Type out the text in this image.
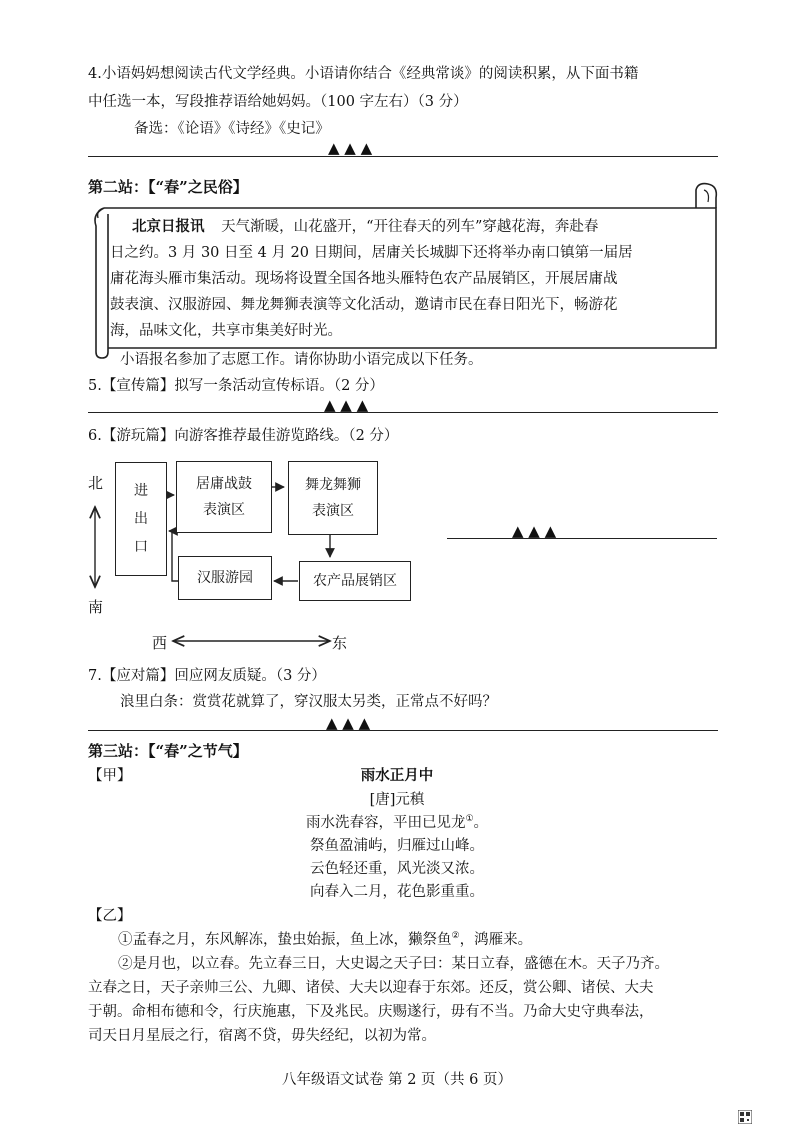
4.小语妈妈想阅读古代文学经典。小语请你结合《经典常谈》的阅读积累，从下面书籍
中任选一本，写段推荐语给她妈妈。（100 字左右）（3 分）
备选：《论语》《诗经》《史记》
▲ ▲ ▲
第二站：【“春”之民俗】
北京日报讯 天气渐暖，山花盛开，“开往春天的列车”穿越花海，奔赴春
日之约。3 月 30 日至 4 月 20 日期间，居庸关长城脚下还将举办南口镇第一届居
庸花海头雁市集活动。现场将设置全国各地头雁特色农产品展销区，开展居庸战
鼓表演、汉服游园、舞龙舞狮表演等文化活动，邀请市民在春日阳光下，畅游花
海，品味文化，共享市集美好时光。
小语报名参加了志愿工作。请你协助小语完成以下任务。
5.【宣传篇】拟写一条活动宣传标语。（2 分）
▲ ▲ ▲
6.【游玩篇】向游客推荐最佳游览路线。（2 分）
北
南
西	东
进
出
口
居庸战鼓
表演区
舞龙舞狮
表演区
农产品展销区
汉服游园
▲ ▲ ▲
7.【应对篇】回应网友质疑。（3 分）
浪里白条：赏赏花就算了，穿汉服太另类，正常点不好吗？
▲ ▲ ▲
第三站：【“春”之节气】
【甲】	雨水正月中
[唐]元稹
雨水洗春容，平田已见龙①。
祭鱼盈浦屿，归雁过山峰。
云色轻还重，风光淡又浓。
向春入二月，花色影重重。
【乙】
①孟春之月，东风解冻，蛰虫始振，鱼上冰，獭祭鱼②，鸿雁来。
②是月也，以立春。先立春三日，大史谒之天子曰：某日立春，盛德在木。天子乃齐。
立春之日，天子亲帅三公、九卿、诸侯、大夫以迎春于东郊。还反，赏公卿、诸侯、大夫
于朝。命相布德和令，行庆施惠，下及兆民。庆赐遂行，毋有不当。乃命大史守典奉法，
司天日月星辰之行，宿离不贷，毋失经纪，以初为常。
八年级语文试卷 第 2 页（共 6 页）
